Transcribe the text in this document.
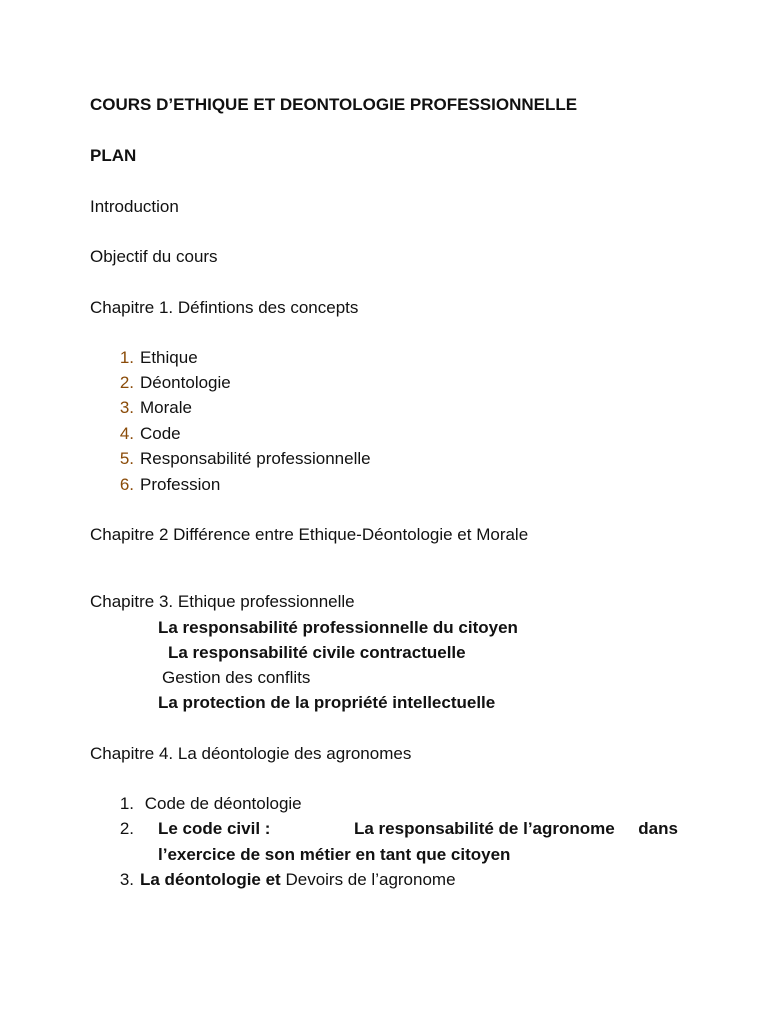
COURS D’ETHIQUE ET DEONTOLOGIE PROFESSIONNELLE
PLAN
Introduction
Objectif du cours
Chapitre 1. Défintions des concepts
1. Ethique
2. Déontologie
3. Morale
4. Code
5. Responsabilité professionnelle
6. Profession
Chapitre 2 Différence entre Ethique-Déontologie et Morale
Chapitre 3. Ethique professionnelle
La responsabilité professionnelle du citoyen
La responsabilité civile contractuelle
Gestion des conflits
La protection de la propriété intellectuelle
Chapitre 4. La déontologie des agronomes
1. Code de déontologie
2. Le code civil :	La responsabilité de l’agronome dans
l’exercice de son métier en tant que citoyen
3. La déontologie et Devoirs de l’agronome
